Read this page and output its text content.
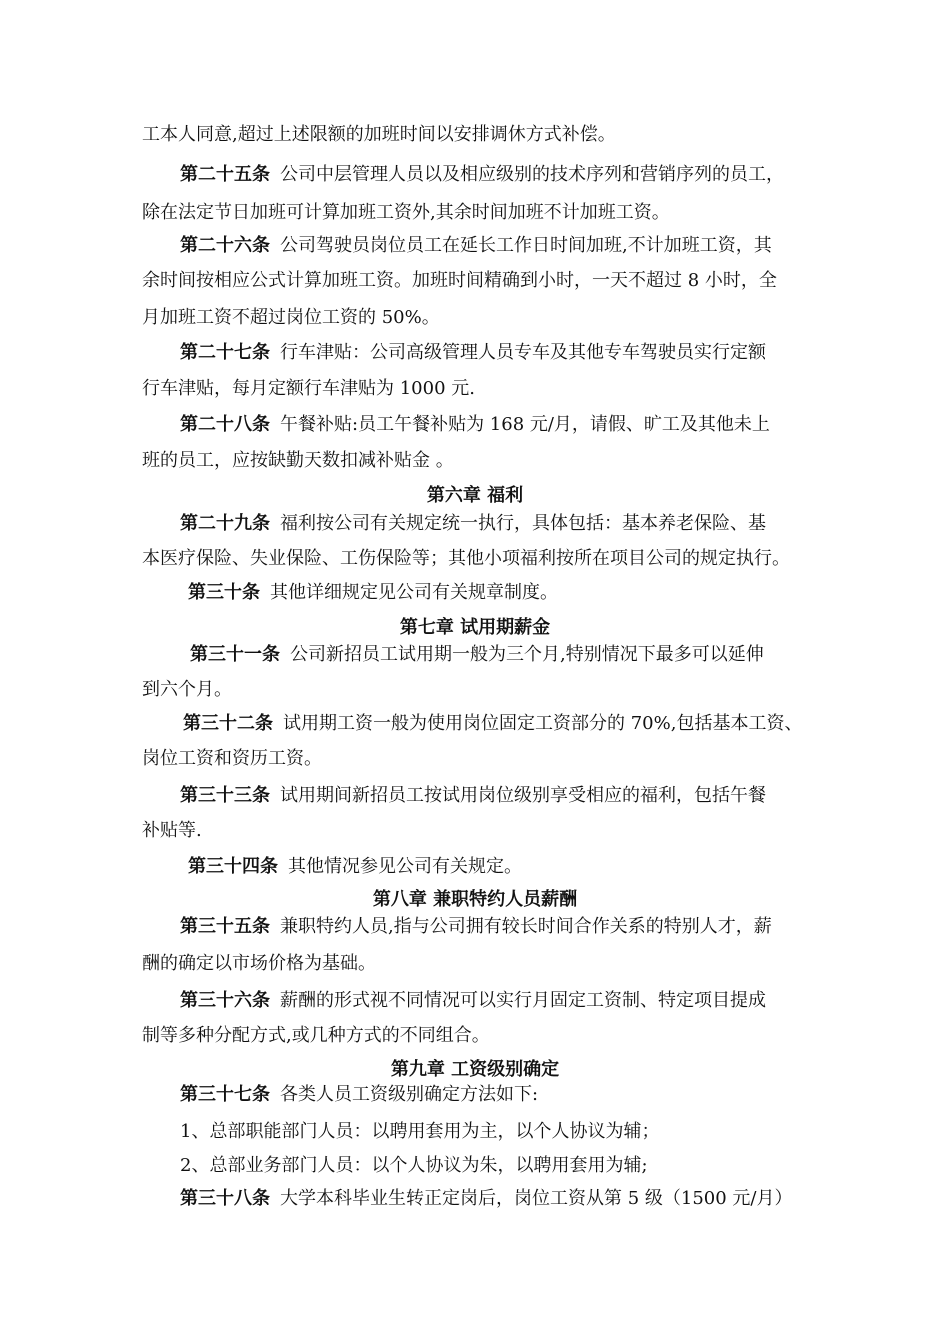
工本人同意,超过上述限额的加班时间以安排调休方式补偿。
第二十五条 公司中层管理人员以及相应级别的技术序列和营销序列的员工，
除在法定节日加班可计算加班工资外,其余时间加班不计加班工资。
第二十六条 公司驾驶员岗位员工在延长工作日时间加班,不计加班工资，其
余时间按相应公式计算加班工资。加班时间精确到小时，一天不超过 8 小时，全
月加班工资不超过岗位工资的 50%。
第二十七条 行车津贴：公司高级管理人员专车及其他专车驾驶员实行定额
行车津贴，每月定额行车津贴为 1000 元.
第二十八条 午餐补贴:员工午餐补贴为 168 元/月，请假、旷工及其他未上
班的员工，应按缺勤天数扣减补贴金 。
第六章 福利
第二十九条 福利按公司有关规定统一执行，具体包括：基本养老保险、基
本医疗保险、失业保险、工伤保险等；其他小项福利按所在项目公司的规定执行。
第三十条 其他详细规定见公司有关规章制度。
第七章 试用期薪金
第三十一条 公司新招员工试用期一般为三个月,特别情况下最多可以延伸
到六个月。
第三十二条 试用期工资一般为使用岗位固定工资部分的 70%,包括基本工资、
岗位工资和资历工资。
第三十三条 试用期间新招员工按试用岗位级别享受相应的福利，包括午餐
补贴等.
第三十四条 其他情况参见公司有关规定。
第八章 兼职特约人员薪酬
第三十五条 兼职特约人员,指与公司拥有较长时间合作关系的特别人才，薪
酬的确定以市场价格为基础。
第三十六条 薪酬的形式视不同情况可以实行月固定工资制、特定项目提成
制等多种分配方式,或几种方式的不同组合。
第九章 工资级别确定
第三十七条 各类人员工资级别确定方法如下:
1、总部职能部门人员：以聘用套用为主，以个人协议为辅；
2、总部业务部门人员：以个人协议为朱，以聘用套用为辅;
第三十八条 大学本科毕业生转正定岗后，岗位工资从第 5 级（1500 元/月）
